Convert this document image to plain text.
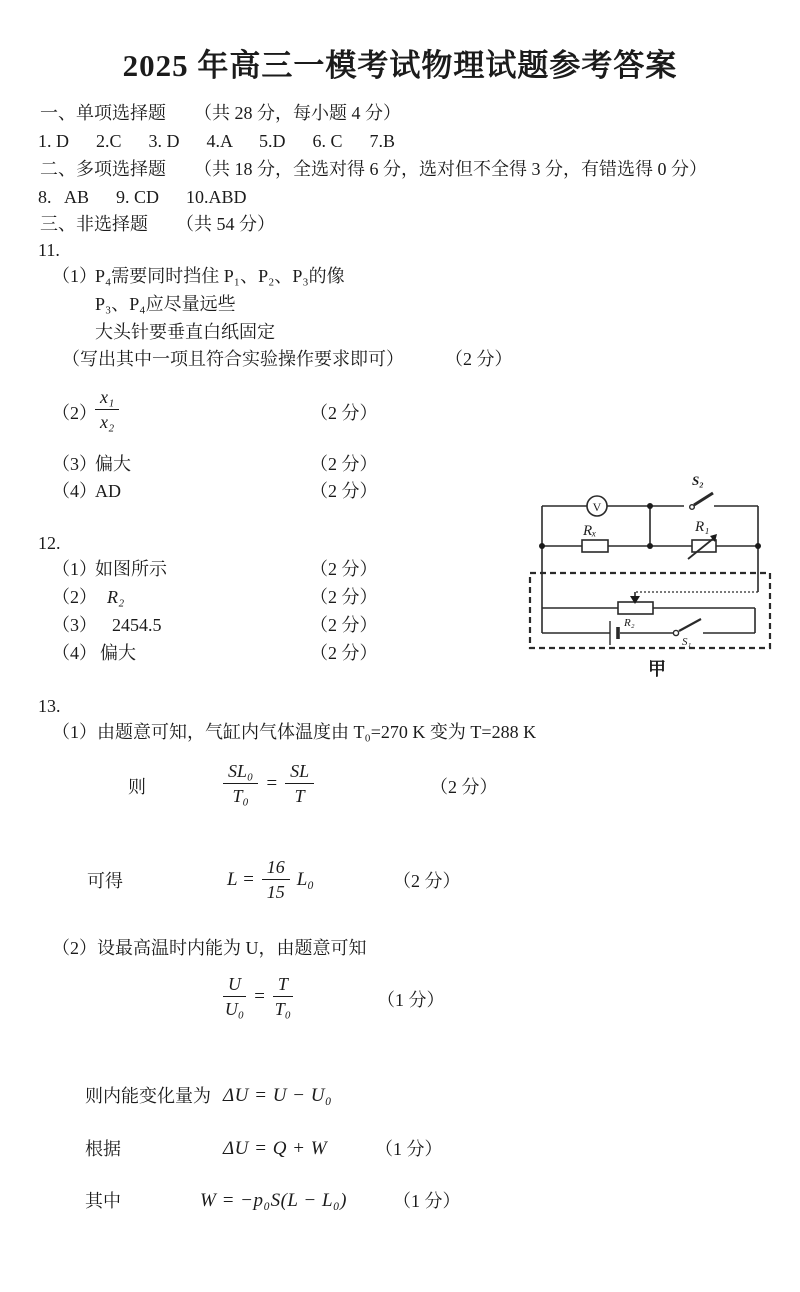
2025 年高三一模考试物理试题参考答案

一、单项选择题

（共 28 分，每小题 4 分）

1. D      2.C      3. D      4.A      5.D      6. C      7.B

二、多项选择题

（共 18 分，全选对得 6 分，选对但不全得 3 分，有错选得 0 分）

8.   AB      9. CD      10.ABD

三、非选择题

（共 54 分）

11.

（1）

P₄需要同时挡住 P₁、P₂、P₃的像

P₃、P₄应尽量远些

大头针要垂直白纸固定

（写出其中一项且符合实验操作要求即可）

（2 分）

（2）

$\frac{\text{x₁}}{\text{x₂}}$

	（2 分）

（3）

偏大

	（2 分）

（4）

AD

	（2 分）

12.

（1）

如图所示

	（2 分）

（2）

R₂

	（2 分）

（3）

2454.5

	（2 分）

（4）

偏大

	（2 分）

V
S₂
Rₓ	R₁
R₂
S₁
甲

13.

（1）由题意可知，气缸内气体温度由 T₀=270 K 变为 T=288 K

则

	$\frac{\text{SL₀}}{\text{T₀}} = \frac{SL}{T}$

	（2 分）

可得

	$L = \frac{16}{15} L_0$

	（2 分）

（2）设最高温时内能为 U，由题意可知

$\frac{U}{\text{U₀}} = \frac{T}{\text{T₀}}$

	（1 分）

则内能变化量为

ΔU = U − U₀

根据

	ΔU = Q + W

	（1 分）

其中

	W = −p₀S(L − L₀)

	（1 分）
